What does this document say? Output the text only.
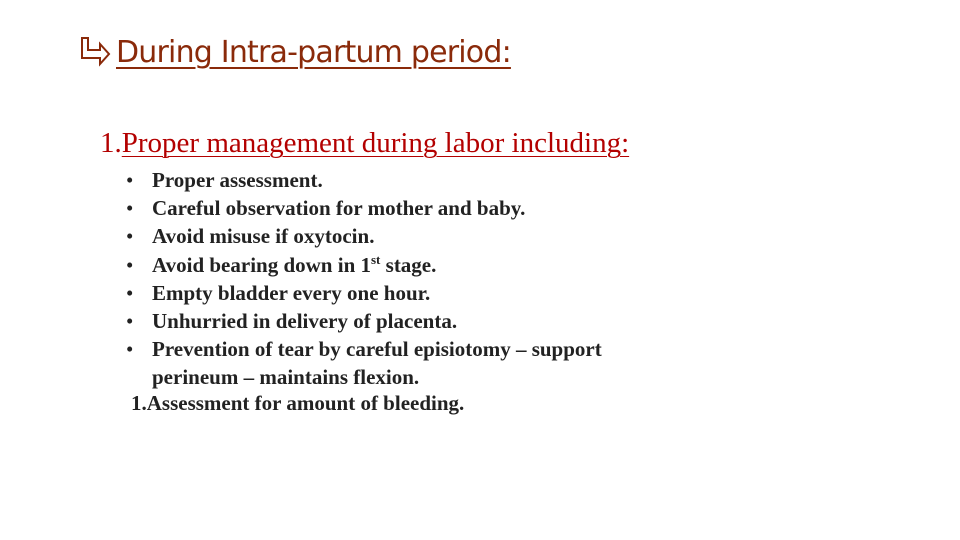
During Intra-partum period:
1.Proper management during labor including:
• Proper assessment.
• Careful observation for mother and baby.
• Avoid misuse if oxytocin.
• Avoid bearing down in 1st stage.
• Empty bladder every one hour.
• Unhurried in delivery of placenta.
• Prevention of tear by careful episiotomy – support
perineum – maintains flexion.
1.Assessment for amount of bleeding.
